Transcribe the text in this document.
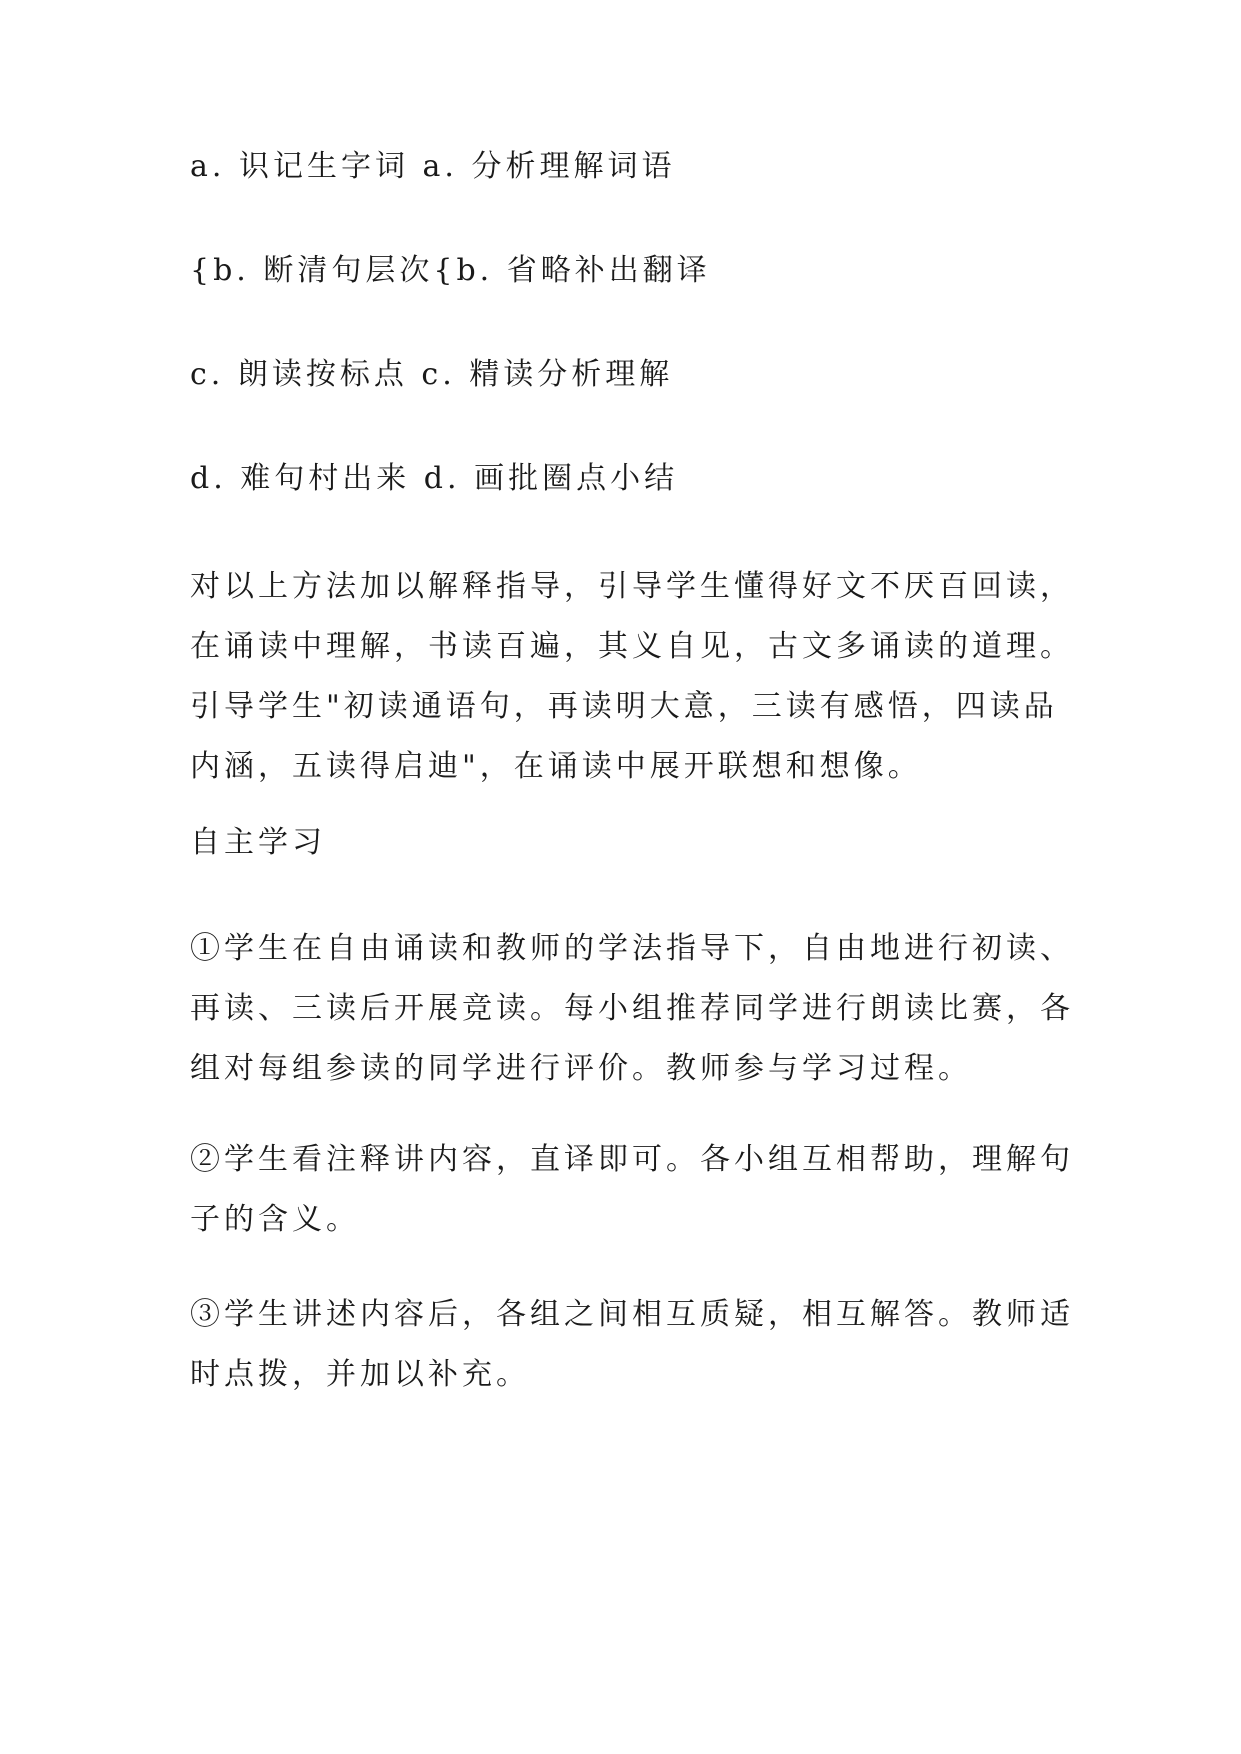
a. 识记生字词 a. 分析理解词语
{b. 断清句层次{b. 省略补出翻译
c. 朗读按标点 c. 精读分析理解
d. 难句村出来 d. 画批圈点小结
对以上方法加以解释指导，引导学生懂得好文不厌百回读，
在诵读中理解，书读百遍，其义自见，古文多诵读的道理。
引导学生"初读通语句，再读明大意，三读有感悟，四读品
内涵，五读得启迪"，在诵读中展开联想和想像。
自主学习
①学生在自由诵读和教师的学法指导下，自由地进行初读、
再读、三读后开展竞读。每小组推荐同学进行朗读比赛，各
组对每组参读的同学进行评价。教师参与学习过程。
②学生看注释讲内容，直译即可。各小组互相帮助，理解句
子的含义。
③学生讲述内容后，各组之间相互质疑，相互解答。教师适
时点拨，并加以补充。
